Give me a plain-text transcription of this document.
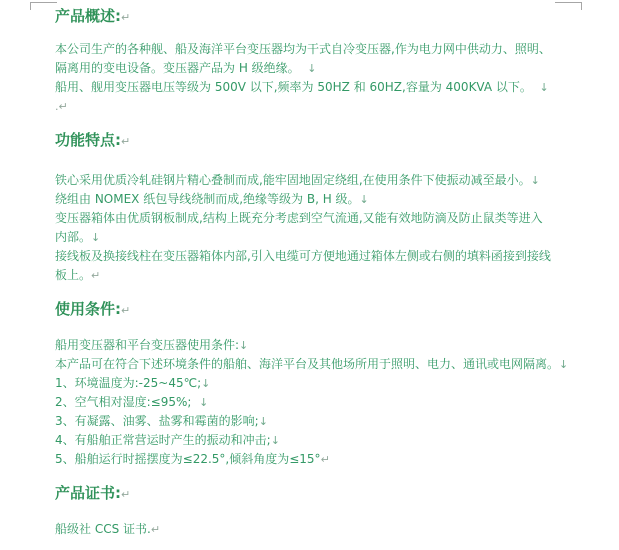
产品概述:↵
本公司生产的各种舰、船及海洋平台变压器均为干式自冷变压器,作为电力网中供动力、照明、
隔离用的变电设备。变压器产品为 H 级绝缘。  ↓
船用、舰用变压器电压等级为 500V 以下,频率为 50HZ 和 60HZ,容量为 400KVA 以下。  ↓
.↵
功能特点:↵
铁心采用优质冷轧硅钢片精心叠制而成,能牢固地固定绕组,在使用条件下使振动减至最小。↓
绕组由 NOMEX 纸包导线绕制而成,绝缘等级为 B, H 级。↓
变压器箱体由优质钢板制成,结构上既充分考虑到空气流通,又能有效地防滴及防止鼠类等进入
内部。↓
接线板及换接线柱在变压器箱体内部,引入电缆可方便地通过箱体左侧或右侧的填料函接到接线
板上。↵
使用条件:↵
船用变压器和平台变压器使用条件:↓
本产品可在符合下述环境条件的船舶、海洋平台及其他场所用于照明、电力、通讯或电网隔离。↓
1、环境温度为:-25~45℃;↓
2、空气相对湿度:≤95%;  ↓
3、有凝露、油雾、盐雾和霉菌的影响;↓
4、有船舶正常营运时产生的振动和冲击;↓
5、船舶运行时摇摆度为≤22.5°,倾斜角度为≤15°↵
产品证书:↵
船级社 CCS 证书.↵
